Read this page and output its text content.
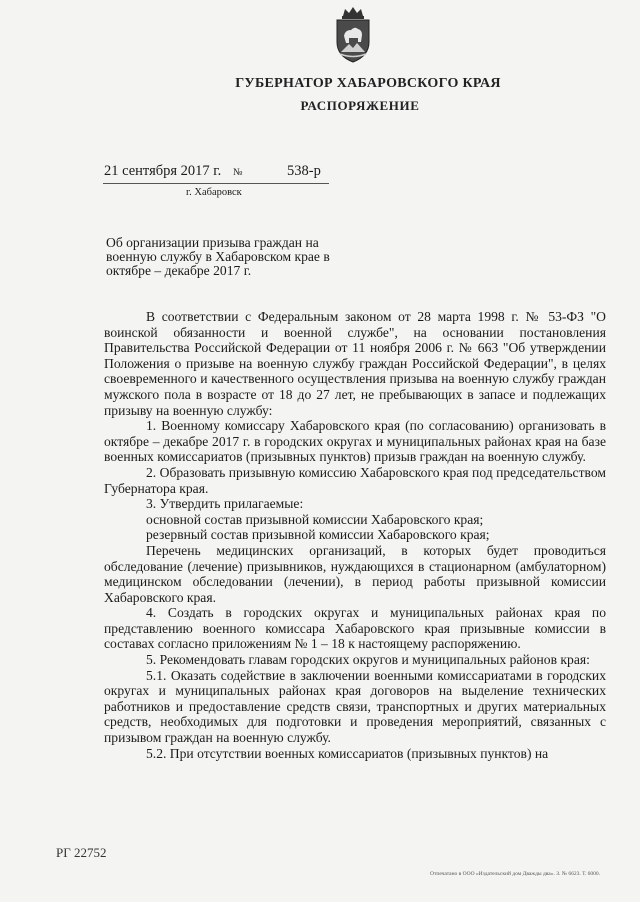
ГУБЕРНАТОР ХАБАРОВСКОГО КРАЯ
РАСПОРЯЖЕНИЕ
21 сентября 2017 г. №	538-р
г. Хабаровск
Об организации призыва граждан на военную службу в Хабаровском крае в октябре – декабре 2017 г.

В соответствии с Федеральным законом от 28 марта 1998 г. № 53-ФЗ "О воинской обязанности и военной службе", на основании постановления Правительства Российской Федерации от 11 ноября 2006 г. № 663 "Об утверждении Положения о призыве на военную службу граждан Российской Федерации", в целях своевременного и качественного осуществления призыва на военную службу граждан мужского пола в возрасте от 18 до 27 лет, не пребывающих в запасе и подлежащих призыву на военную службу:

1. Военному комиссару Хабаровского края (по согласованию) организовать в октябре – декабре 2017 г. в городских округах и муниципальных районах края на базе военных комиссариатов (призывных пунктов) призыв граждан на военную службу.

2. Образовать призывную комиссию Хабаровского края под председательством Губернатора края.

3. Утвердить прилагаемые:

основной состав призывной комиссии Хабаровского края;

резервный состав призывной комиссии Хабаровского края;

Перечень медицинских организаций, в которых будет проводиться обследование (лечение) призывников, нуждающихся в стационарном (амбулаторном) медицинском обследовании (лечении), в период работы призывной комиссии Хабаровского края.

4. Создать в городских округах и муниципальных районах края по представлению военного комиссара Хабаровского края призывные комиссии в составах согласно приложениям № 1 – 18 к настоящему распоряжению.

5. Рекомендовать главам городских округов и муниципальных районов края:

5.1. Оказать содействие в заключении военными комиссариатами в городских округах и муниципальных районах края договоров на выделение технических работников и предоставление средств связи, транспортных и других материальных средств, необходимых для подготовки и проведения мероприятий, связанных с призывом граждан на военную службу.

5.2. При отсутствии военных комиссариатов (призывных пунктов) на

РГ 22752
Отпечатано в ООО «Издательский дом Дважды два». З. № 6623. Т. 6000.
